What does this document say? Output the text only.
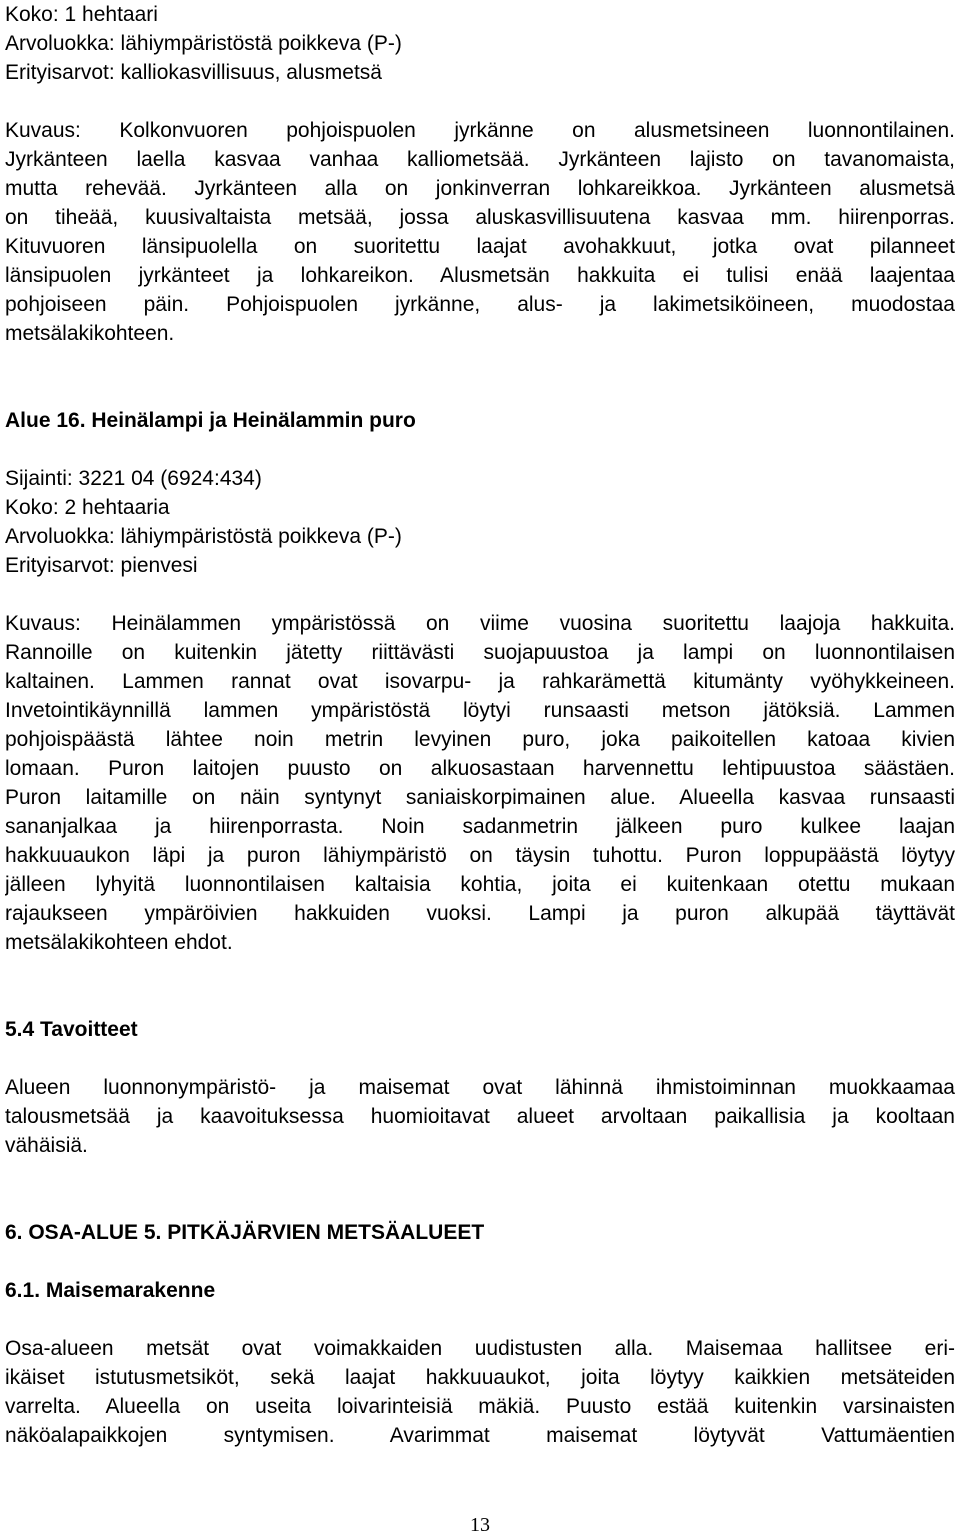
Koko: 1 hehtaari

Arvoluokka: lähiympäristöstä poikkeva (P-)

Erityisarvot: kalliokasvillisuus, alusmetsä

Kuvaus: Kolkonvuoren pohjoispuolen jyrkänne on alusmetsineen luonnontilainen.

Jyrkänteen laella kasvaa vanhaa kalliometsää. Jyrkänteen lajisto on tavanomaista,

mutta rehevää. Jyrkänteen alla on jonkinverran lohkareikkoa. Jyrkänteen alusmetsä

on tiheää, kuusivaltaista metsää, jossa aluskasvillisuutena kasvaa mm. hiirenporras.

Kituvuoren länsipuolella on suoritettu laajat avohakkuut, jotka ovat pilanneet

länsipuolen jyrkänteet ja lohkareikon. Alusmetsän hakkuita ei tulisi enää laajentaa

pohjoiseen päin. Pohjoispuolen jyrkänne, alus- ja lakimetsiköineen, muodostaa

metsälakikohteen.

Alue 16. Heinälampi ja Heinälammin puro

Sijainti: 3221 04 (6924:434)

Koko: 2 hehtaaria

Arvoluokka: lähiympäristöstä poikkeva (P-)

Erityisarvot: pienvesi

Kuvaus: Heinälammen ympäristössä on viime vuosina suoritettu laajoja hakkuita.

Rannoille on kuitenkin jätetty riittävästi suojapuustoa ja lampi on luonnontilaisen

kaltainen. Lammen rannat ovat isovarpu- ja rahkarämettä kitumänty vyöhykkeineen.

Invetointikäynnillä lammen ympäristöstä löytyi runsaasti metson jätöksiä. Lammen

pohjoispäästä lähtee noin metrin levyinen puro, joka paikoitellen katoaa kivien

lomaan. Puron laitojen puusto on alkuosastaan harvennettu lehtipuustoa säästäen.

Puron laitamille on näin syntynyt saniaiskorpimainen alue. Alueella kasvaa runsaasti

sananjalkaa ja hiirenporrasta. Noin sadanmetrin jälkeen puro kulkee laajan

hakkuuaukon läpi ja puron lähiympäristö on täysin tuhottu. Puron loppupäästä löytyy

jälleen lyhyitä luonnontilaisen kaltaisia kohtia, joita ei kuitenkaan otettu mukaan

rajaukseen ympäröivien hakkuiden vuoksi. Lampi ja puron alkupää täyttävät

metsälakikohteen ehdot.

5.4 Tavoitteet

Alueen luonnonympäristö- ja maisemat ovat lähinnä ihmistoiminnan muokkaamaa

talousmetsää ja kaavoituksessa huomioitavat alueet arvoltaan paikallisia ja kooltaan

vähäisiä.

6. OSA-ALUE 5. PITKÄJÄRVIEN METSÄALUEET

6.1. Maisemarakenne

Osa-alueen metsät ovat voimakkaiden uudistusten alla. Maisemaa hallitsee eri-

ikäiset istutusmetsiköt, sekä laajat hakkuuaukot, joita löytyy kaikkien metsäteiden

varrelta. Alueella on useita loivarinteisiä mäkiä. Puusto estää kuitenkin varsinaisten

näköalapaikkojen syntymisen. Avarimmat maisemat löytyvät Vattumäentien

13
